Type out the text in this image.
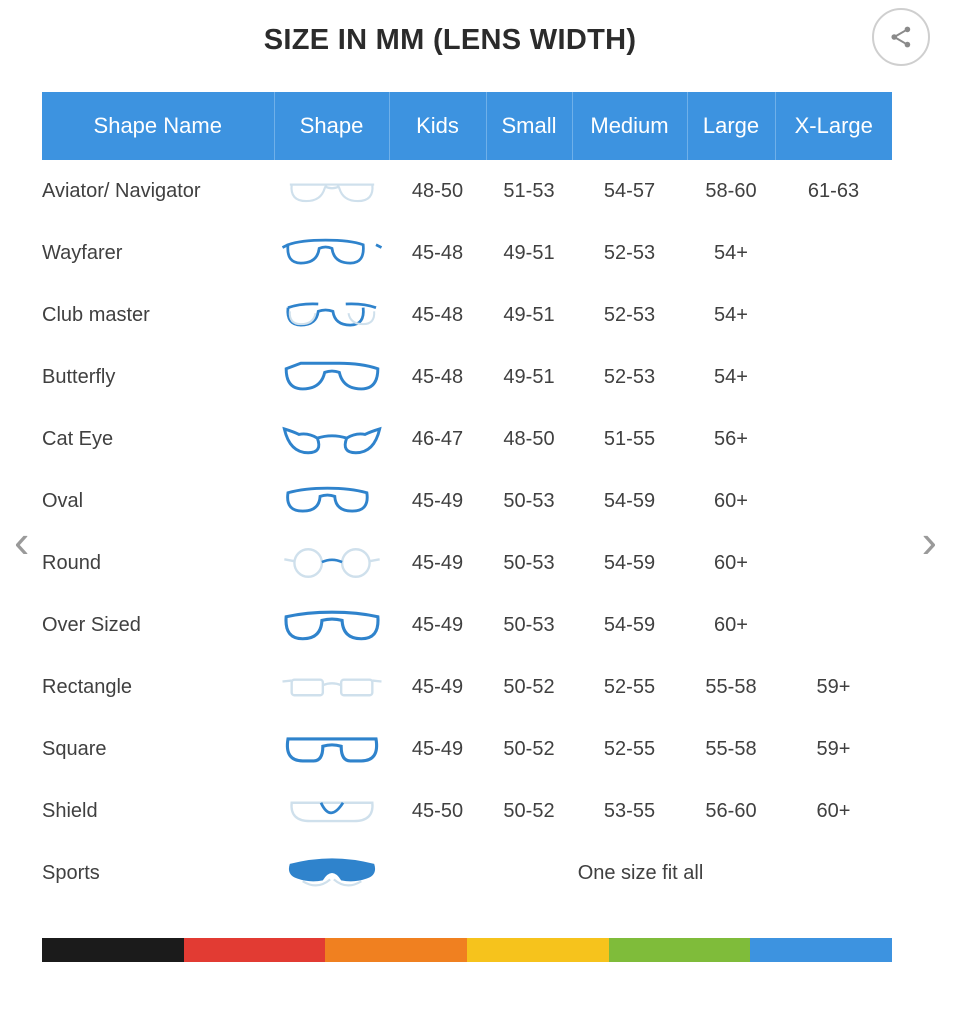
SIZE IN MM (LENS WIDTH)
‹	›
Shape Name	Shape	Kids	Small	Medium	Large	X-Large
Aviator/ Navigator		48-50	51-53	54-57	58-60	61-63
Wayfarer		45-48	49-51	52-53	54+	
Club master		45-48	49-51	52-53	54+	
Butterfly		45-48	49-51	52-53	54+	
Cat Eye		46-47	48-50	51-55	56+	
Oval		45-49	50-53	54-59	60+	
Round		45-49	50-53	54-59	60+	
Over Sized		45-49	50-53	54-59	60+	
Rectangle		45-49	50-52	52-55	55-58	59+
Square		45-49	50-52	52-55	55-58	59+
Shield		45-50	50-52	53-55	56-60	60+
Sports		One size fit all				
